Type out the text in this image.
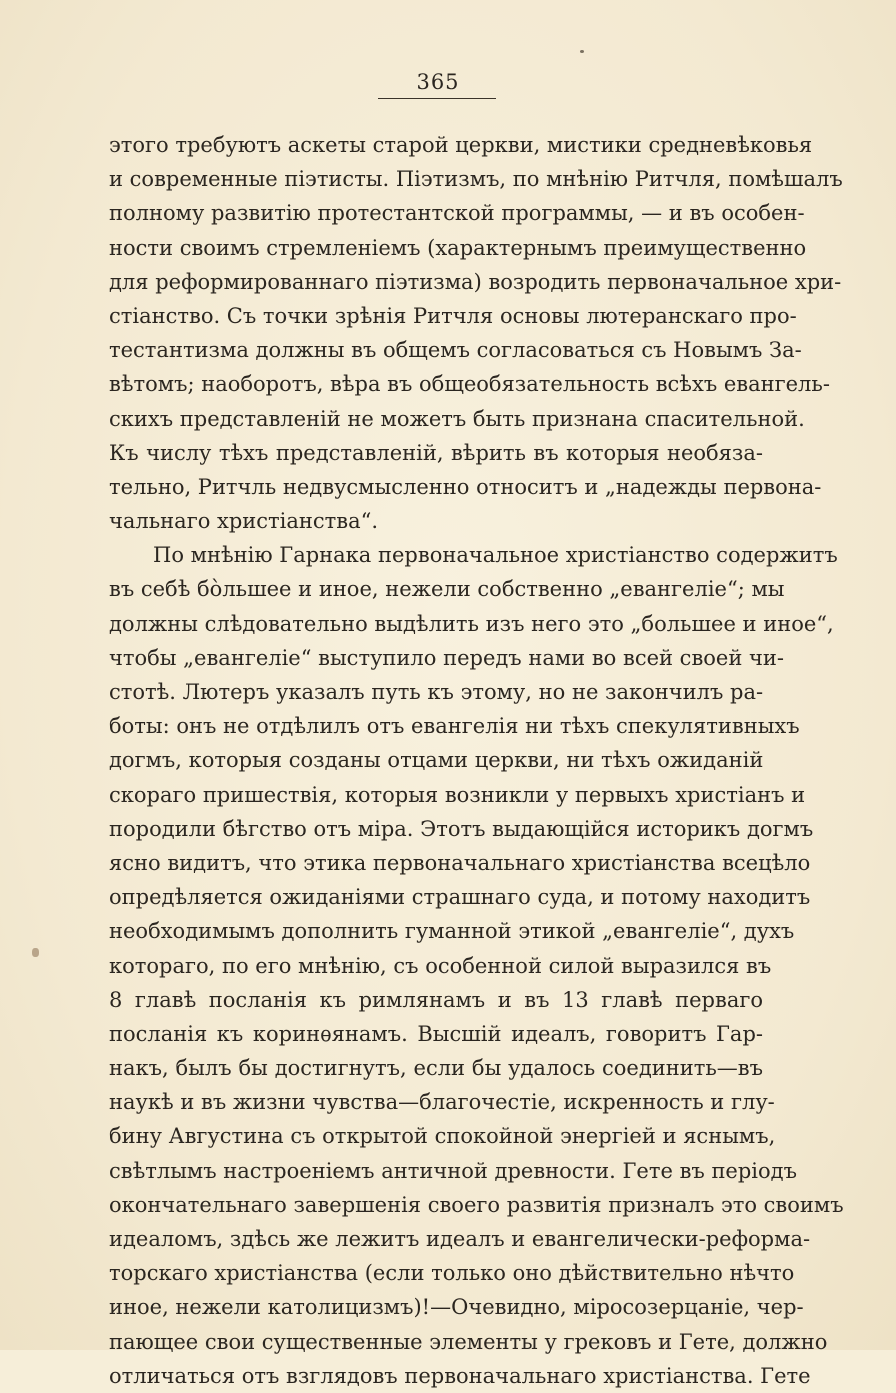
365
этого требуютъ аскеты старой церкви, мистики средневѣковья
и современные піэтисты. Піэтизмъ, по мнѣнію Ритчля, помѣшалъ
полному развитію протестантской программы, — и въ особен-
ности своимъ стремленіемъ (характернымъ преимущественно
для реформированнаго піэтизма) возродить первоначальное хри-
стіанство. Съ точки зрѣнія Ритчля основы лютеранскаго про-
тестантизма должны въ общемъ согласоваться съ Новымъ За-
вѣтомъ; наоборотъ, вѣра въ общеобязательность всѣхъ евангель-
скихъ представленій не можетъ быть признана спасительной.
Къ числу тѣхъ представленій, вѣрить въ которыя необяза-
тельно, Ритчль недвусмысленно относитъ и „надежды первона-
чальнаго христіанства“.
По мнѣнію Гарнака первоначальное христіанство содержитъ
въ себѣ бо̀льшее и иное, нежели собственно „евангеліе“; мы
должны слѣдовательно выдѣлить изъ него это „большее и иное“,
чтобы „евангеліе“ выступило передъ нами во всей своей чи-
стотѣ. Лютеръ указалъ путь къ этому, но не закончилъ ра-
боты: онъ не отдѣлилъ отъ евангелія ни тѣхъ спекулятивныхъ
догмъ, которыя созданы отцами церкви, ни тѣхъ ожиданій
скораго пришествія, которыя возникли у первыхъ христіанъ и
породили бѣгство отъ міра. Этотъ выдающійся историкъ догмъ
ясно видитъ, что этика первоначальнаго христіанства всецѣло
опредѣляется ожиданіями страшнаго суда, и потому находитъ
необходимымъ дополнить гуманной этикой „евангеліе“, духъ
котораго, по его мнѣнію, съ особенной силой выразился въ
8 главѣ посланія къ римлянамъ и въ 13 главѣ перваго
посланія къ коринѳянамъ. Высшій идеалъ, говоритъ Гар-
накъ, былъ бы достигнутъ, если бы удалось соединить—въ
наукѣ и въ жизни чувства—благочестіе, искренность и глу-
бину Августина съ открытой спокойной энергіей и яснымъ,
свѣтлымъ настроеніемъ античной древности. Гете въ періодъ
окончательнаго завершенія своего развитія призналъ это своимъ
идеаломъ, здѣсь же лежитъ идеалъ и евангелически-реформа-
торскаго христіанства (если только оно дѣйствительно нѣчто
иное, нежели католицизмъ)!—Очевидно, міросозерцаніе, чер-
пающее свои существенные элементы у грековъ и Гете, должно
отличаться отъ взглядовъ первоначальнаго христіанства. Гете
